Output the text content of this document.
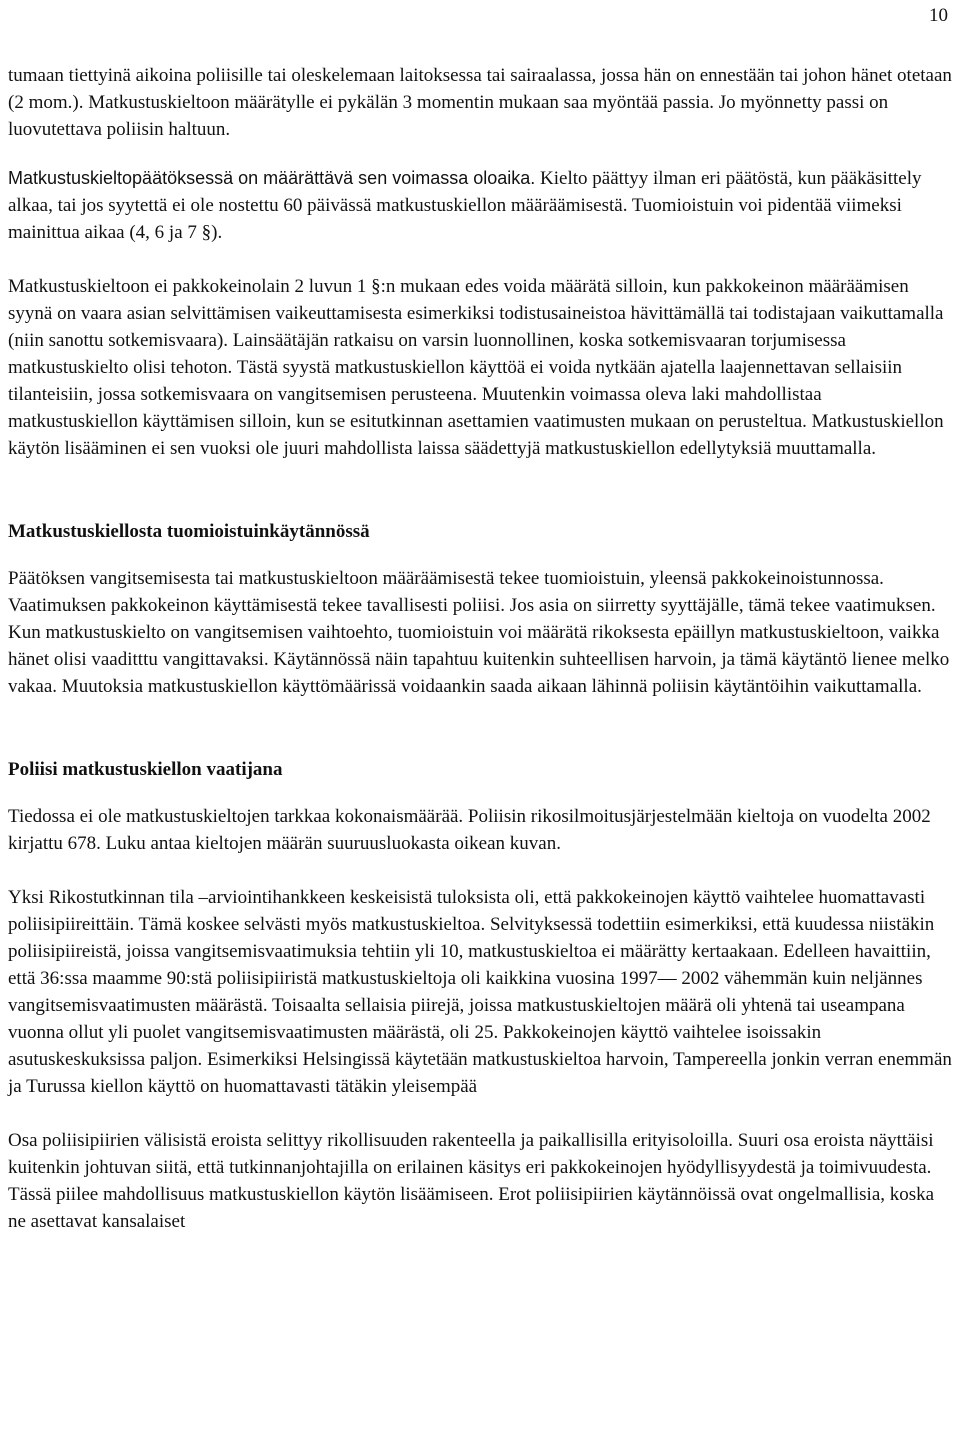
10

tumaan tiettyinä aikoina poliisille tai oleskelemaan laitoksessa tai sairaalassa, jossa hän on ennestään tai johon hänet otetaan (2 mom.). Matkustuskieltoon määrätylle ei pykälän 3 momentin mukaan saa myöntää passia. Jo myönnetty passi on luovutettava poliisin haltuun.

Matkustuskieltopäätöksessä on määrättävä sen voimassa oloaika. Kielto päättyy ilman eri päätöstä, kun pääkäsittely alkaa, tai jos syytettä ei ole nostettu 60 päivässä matkustuskiellon määräämisestä. Tuomioistuin voi pidentää viimeksi mainittua aikaa (4, 6 ja 7 §).

Matkustuskieltoon ei pakkokeinolain 2 luvun 1 §:n mukaan edes voida määrätä silloin, kun pakkokeinon määräämisen syynä on vaara asian selvittämisen vaikeuttamisesta esimerkiksi todistusaineistoa hävittämällä tai todistajaan vaikuttamalla (niin sanottu sotkemisvaara). Lainsäätäjän ratkaisu on varsin luonnollinen, koska sotkemisvaaran torjumisessa matkustuskielto olisi tehoton. Tästä syystä matkustuskiellon käyttöä ei voida nytkään ajatella laajennettavan sellaisiin tilanteisiin, jossa sotkemisvaara on vangitsemisen perusteena. Muutenkin voimassa oleva laki mahdollistaa matkustuskiellon käyttämisen silloin, kun se esitutkinnan asettamien vaatimusten mukaan on perusteltua. Matkustuskiellon käytön lisääminen ei sen vuoksi ole juuri mahdollista laissa säädettyjä matkustuskiellon edellytyksiä muuttamalla.

Matkustuskiellosta tuomioistuinkäytännössä

Päätöksen vangitsemisesta tai matkustuskieltoon määräämisestä tekee tuomioistuin, yleensä pakkokeinoistunnossa. Vaatimuksen pakkokeinon käyttämisestä tekee tavallisesti poliisi. Jos asia on siirretty syyttäjälle, tämä tekee vaatimuksen. Kun matkustuskielto on vangitsemisen vaihtoehto, tuomioistuin voi määrätä rikoksesta epäillyn matkustuskieltoon, vaikka hänet olisi vaaditttu vangittavaksi. Käytännössä näin tapahtuu kuitenkin suhteellisen harvoin, ja tämä käytäntö lienee melko vakaa. Muutoksia matkustuskiellon käyttömäärissä voidaankin saada aikaan lähinnä poliisin käytäntöihin vaikuttamalla.

Poliisi matkustuskiellon vaatijana

Tiedossa ei ole matkustuskieltojen tarkkaa kokonaismäärää. Poliisin rikosilmoitusjärjestelmään kieltoja on vuodelta 2002 kirjattu 678. Luku antaa kieltojen määrän suuruusluokasta oikean kuvan.

Yksi Rikostutkinnan tila –arviointihankkeen keskeisistä tuloksista oli, että pakkokeinojen käyttö vaihtelee huomattavasti poliisipiireittäin. Tämä koskee selvästi myös matkustuskieltoa. Selvityksessä todettiin esimerkiksi, että kuudessa niistäkin poliisipiireistä, joissa vangitsemisvaatimuksia tehtiin yli 10, matkustuskieltoa ei määrätty kertaakaan. Edelleen havaittiin, että 36:ssa maamme 90:stä poliisipiiristä matkustuskieltoja oli kaikkina vuosina 1997— 2002 vähemmän kuin neljännes vangitsemisvaatimusten määrästä. Toisaalta sellaisia piirejä, joissa matkustuskieltojen määrä oli yhtenä tai useampana vuonna ollut yli puolet vangitsemisvaatimusten määrästä, oli 25. Pakkokeinojen käyttö vaihtelee isoissakin asutuskeskuksissa paljon. Esimerkiksi Helsingissä käytetään matkustuskieltoa harvoin, Tampereella jonkin verran enemmän ja Turussa kiellon käyttö on huomattavasti tätäkin yleisempää

Osa poliisipiirien välisistä eroista selittyy rikollisuuden rakenteella ja paikallisilla erityisoloilla. Suuri osa eroista näyttäisi kuitenkin johtuvan siitä, että tutkinnanjohtajilla on erilainen käsitys eri pakkokeinojen hyödyllisyydestä ja toimivuudesta. Tässä piilee mahdollisuus matkustuskiellon käytön lisäämiseen. Erot poliisipiirien käytännöissä ovat ongelmallisia, koska ne asettavat kansalaiset
